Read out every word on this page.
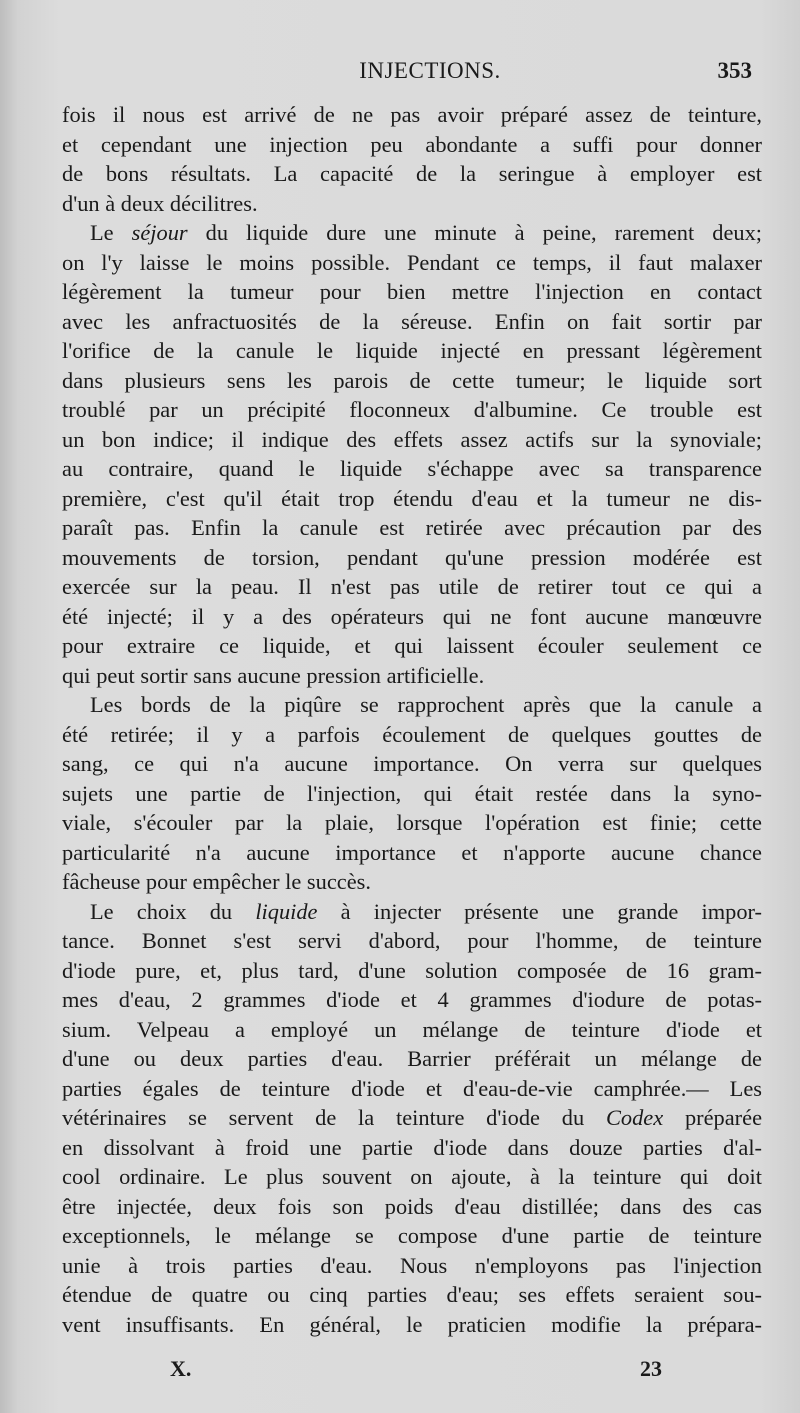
INJECTIONS.	353
fois il nous est arrivé de ne pas avoir préparé assez de teinture,
et cependant une injection peu abondante a suffi pour donner
de bons résultats. La capacité de la seringue à employer est
d'un à deux décilitres.
Le séjour du liquide dure une minute à peine, rarement deux;
on l'y laisse le moins possible. Pendant ce temps, il faut malaxer
légèrement la tumeur pour bien mettre l'injection en contact
avec les anfractuosités de la séreuse. Enfin on fait sortir par
l'orifice de la canule le liquide injecté en pressant légèrement
dans plusieurs sens les parois de cette tumeur; le liquide sort
troublé par un précipité floconneux d'albumine. Ce trouble est
un bon indice; il indique des effets assez actifs sur la synoviale;
au contraire, quand le liquide s'échappe avec sa transparence
première, c'est qu'il était trop étendu d'eau et la tumeur ne dis-
paraît pas. Enfin la canule est retirée avec précaution par des
mouvements de torsion, pendant qu'une pression modérée est
exercée sur la peau. Il n'est pas utile de retirer tout ce qui a
été injecté; il y a des opérateurs qui ne font aucune manœuvre
pour extraire ce liquide, et qui laissent écouler seulement ce
qui peut sortir sans aucune pression artificielle.
Les bords de la piqûre se rapprochent après que la canule a
été retirée; il y a parfois écoulement de quelques gouttes de
sang, ce qui n'a aucune importance. On verra sur quelques
sujets une partie de l'injection, qui était restée dans la syno-
viale, s'écouler par la plaie, lorsque l'opération est finie; cette
particularité n'a aucune importance et n'apporte aucune chance
fâcheuse pour empêcher le succès.
Le choix du liquide à injecter présente une grande impor-
tance. Bonnet s'est servi d'abord, pour l'homme, de teinture
d'iode pure, et, plus tard, d'une solution composée de 16 gram-
mes d'eau, 2 grammes d'iode et 4 grammes d'iodure de potas-
sium. Velpeau a employé un mélange de teinture d'iode et
d'une ou deux parties d'eau. Barrier préférait un mélange de
parties égales de teinture d'iode et d'eau-de-vie camphrée.— Les
vétérinaires se servent de la teinture d'iode du Codex préparée
en dissolvant à froid une partie d'iode dans douze parties d'al-
cool ordinaire. Le plus souvent on ajoute, à la teinture qui doit
être injectée, deux fois son poids d'eau distillée; dans des cas
exceptionnels, le mélange se compose d'une partie de teinture
unie à trois parties d'eau. Nous n'employons pas l'injection
étendue de quatre ou cinq parties d'eau; ses effets seraient sou-
vent insuffisants. En général, le praticien modifie la prépara-
X.	23
